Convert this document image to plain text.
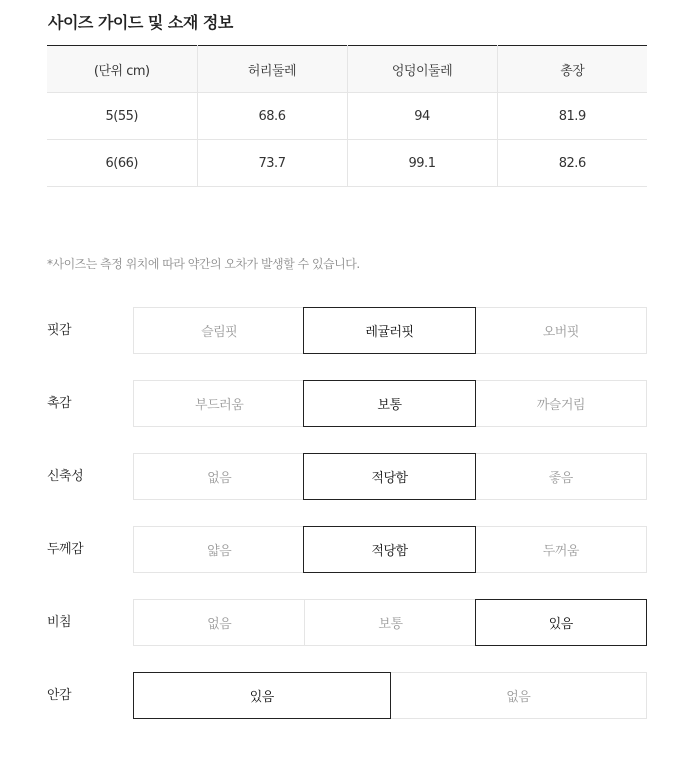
사이즈 가이드 및 소재 정보
(단위 cm)	허리둘레	엉덩이둘레	총장
5(55)	68.6	94	81.9
6(66)	73.7	99.1	82.6
*사이즈는 측정 위치에 따라 약간의 오차가 발생할 수 있습니다.
핏감	슬림핏	레귤러핏	오버핏
촉감	부드러움	보통	까슬거림
신축성	없음	적당함	좋음
두께감	얇음	적당함	두꺼움
비침	없음	보통	있음
안감	있음	없음
